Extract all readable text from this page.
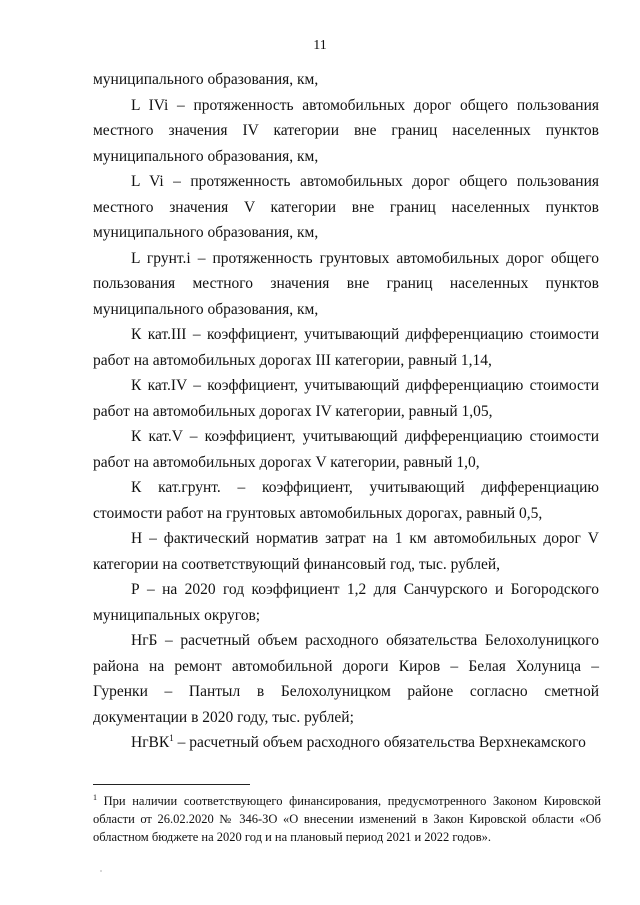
11

муниципального образования, км,

L IVi – протяженность автомобильных дорог общего пользования местного значения IV категории вне границ населенных пунктов муниципального образования, км,

L Vi – протяженность автомобильных дорог общего пользования местного значения V категории вне границ населенных пунктов муниципального образования, км,

L грунт.i – протяженность грунтовых автомобильных дорог общего пользования местного значения вне границ населенных пунктов муниципального образования, км,

К кат.III – коэффициент, учитывающий дифференциацию стоимости работ на автомобильных дорогах III категории, равный 1,14,

К кат.IV – коэффициент, учитывающий дифференциацию стоимости работ на автомобильных дорогах IV категории, равный 1,05,

К кат.V – коэффициент, учитывающий дифференциацию стоимости работ на автомобильных дорогах V категории, равный 1,0,

К кат.грунт. – коэффициент, учитывающий дифференциацию стоимости работ на грунтовых автомобильных дорогах, равный 0,5,

Н – фактический норматив затрат на 1 км автомобильных дорог V категории на соответствующий финансовый год, тыс. рублей,

Р – на 2020 год коэффициент 1,2 для Санчурского и Богородского муниципальных округов;

НгБ – расчетный объем расходного обязательства Белохолуницкого района на ремонт автомобильной дороги Киров – Белая Холуница – Гуренки – Пантыл в Белохолуницком районе согласно сметной документации в 2020 году, тыс. рублей;

НгВК$^1$ – расчетный объем расходного обязательства Верхнекамского

$^1$ При наличии соответствующего финансирования, предусмотренного Законом Кировской области от 26.02.2020 № 346-ЗО «О внесении изменений в Закон Кировской области «Об областном бюджете на 2020 год и на плановый период 2021 и 2022 годов».
